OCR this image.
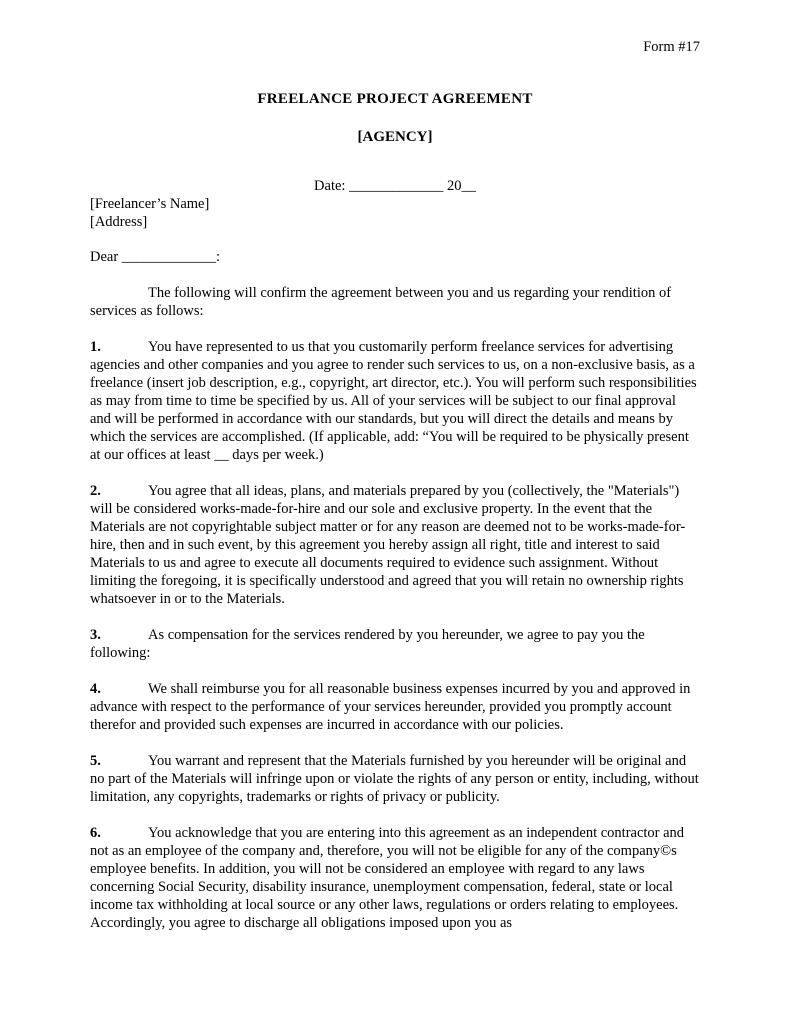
Form #17
FREELANCE PROJECT AGREEMENT
[AGENCY]
Date: _____________ 20__
[Freelancer’s Name]
[Address]
Dear _____________:

The following will confirm the agreement between you and us regarding your rendition of services as follows:

1.	You have represented to us that you customarily perform freelance services for advertising agencies and other companies and you agree to render such services to us, on a non-exclusive basis, as a freelance (insert job description, e.g., copyright, art director, etc.). You will perform such responsibilities as may from time to time be specified by us. All of your services will be subject to our final approval and will be performed in accordance with our standards, but you will direct the details and means by which the services are accomplished. (If applicable, add: “You will be required to be physically present at our offices at least __ days per week.)
2.	You agree that all ideas, plans, and materials prepared by you (collectively, the "Materials") will be considered works-made-for-hire and our sole and exclusive property. In the event that the Materials are not copyrightable subject matter or for any reason are deemed not to be works-made-for-hire, then and in such event, by this agreement you hereby assign all right, title and interest to said Materials to us and agree to execute all documents required to evidence such assignment. Without limiting the foregoing, it is specifically understood and agreed that you will retain no ownership rights whatsoever in or to the Materials.
3.	As compensation for the services rendered by you hereunder, we agree to pay you the following:
4.	We shall reimburse you for all reasonable business expenses incurred by you and approved in advance with respect to the performance of your services hereunder, provided you promptly account therefor and provided such expenses are incurred in accordance with our policies.
5.	You warrant and represent that the Materials furnished by you hereunder will be original and no part of the Materials will infringe upon or violate the rights of any person or entity, including, without limitation, any copyrights, trademarks or rights of privacy or publicity.
6.	You acknowledge that you are entering into this agreement as an independent contractor and not as an employee of the company and, therefore, you will not be eligible for any of the company©s employee benefits. In addition, you will not be considered an employee with regard to any laws concerning Social Security, disability insurance, unemployment compensation, federal, state or local income tax withholding at local source or any other laws, regulations or orders relating to employees. Accordingly, you agree to discharge all obligations imposed upon you as
